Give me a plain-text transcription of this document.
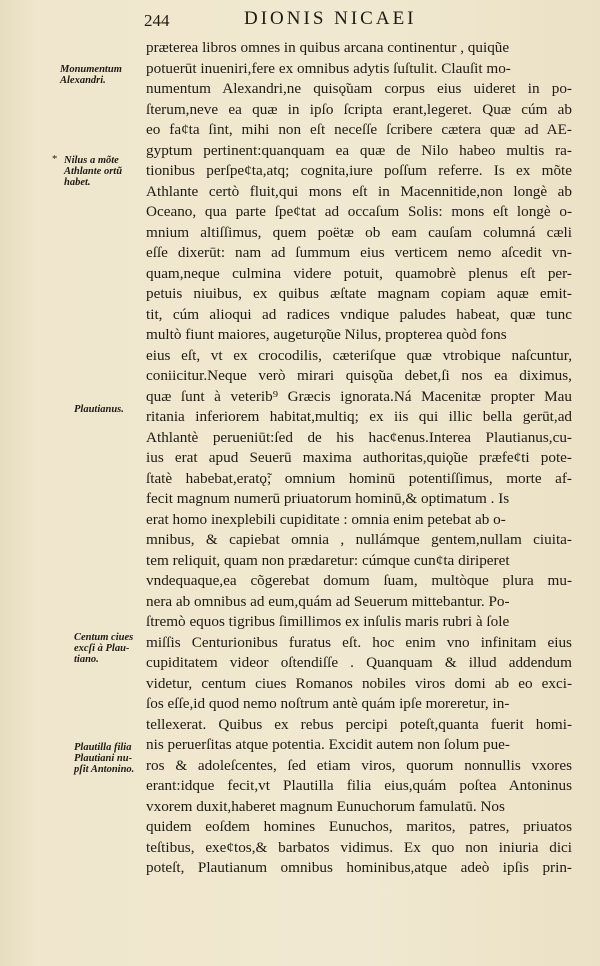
244	DIONIS NICAEI
Monumentum
Alexandri.
* Nilus a mõte
Athlante ortũ
habet.
Plautianus.
Centum ciues
excſi à Plau-
tiano.
Plautilla filia
Plautiani nu-
pſit Antonino.
præterea libros omnes in quibus arcana continentur , quiqũe
potuerūt inueniri,fere ex omnibus adytis ſuſtulit. Clauſit mo-
numentum Alexandri,ne quisǫ̃uam corpus eius uideret in po-
ſterum,neve ea quæ in ipſo ſcripta erant,legeret. Quæ cúm ab
eo fa¢ta ſint, mihi non eſt neceſſe ſcribere cætera quæ ad AE-
gyptum pertinent:quanquam ea quæ de Nilo habeo multis ra-
tionibus perſpe¢ta,atq; cognita,iure poſſum referre. Is ex mõte
Athlante certò fluit,qui mons eſt in Macennitide,non longè ab
Oceano, qua parte ſpe¢tat ad occaſum Solis: mons eſt longè o-
mnium altiſſimus, quem poëtæ ob eam cauſam columná cæli
eſſe dixerūt: nam ad ſummum eius verticem nemo aſcedit vn-
quam,neque culmina videre potuit, quamobrè plenus eſt per-
petuis niuibus, ex quibus æſtate magnam copiam aquæ emit-
tit, cúm alioqui ad radices vndique paludes habeat, quæ tunc
multò fiunt maiores, augeturǫ̃ue Nilus, propterea quòd fons
eius eſt, vt ex crocodilis, cæteriſque quæ vtrobique naſcuntur,
coniicitur.Neque verò mirari quisǫ̃ua debet,ſi nos ea diximus,
quæ ſunt à veterib⁹ Græcis ignorata.Ná Macenitæ propter Mau
ritania inferiorem habitat,multiq; ex iis qui illic bella gerūt,ad
Athlantè perueniūt:ſed de his hac¢enus.Interea Plautianus,cu-
ius erat apud Seuerū maxima authoritas,quiǫ̃ue præfe¢ti pote-
ſtatè habebat,eratǫ̃; omnium hominū potentiſſimus, morte af-
fecit magnum numerū priuatorum hominū,& optimatum . Is
erat homo inexplebili cupiditate : omnia enim petebat ab o-
mnibus, & capiebat omnia , nullámque gentem,nullam ciuita-
tem reliquit, quam non prædaretur: cúmque cun¢ta diriperet
vndequaque,ea cõgerebat domum ſuam, multòque plura mu-
nera ab omnibus ad eum,quám ad Seuerum mittebantur. Po-
ſtremò equos tigribus ſimillimos ex inſulis maris rubri à ſole
miſſis Centurionibus furatus eſt. hoc enim vno infinitam eius
cupiditatem videor oſtendiſſe . Quanquam & illud addendum
videtur, centum ciues Romanos nobiles viros domi ab eo exci-
ſos eſſe,id quod nemo noſtrum antè quám ipſe moreretur, in-
tellexerat. Quibus ex rebus percipi poteſt,quanta fuerit homi-
nis peruerſitas atque potentia. Excidit autem non ſolum pue-
ros & adoleſcentes, ſed etiam viros, quorum nonnullis vxores
erant:idque fecit,vt Plautilla filia eius,quám poſtea Antoninus
vxorem duxit,haberet magnum Eunuchorum famulatū. Nos
quidem eoſdem homines Eunuchos, maritos, patres, priuatos
teſtibus, exe¢tos,& barbatos vidimus. Ex quo non iniuria dici
poteſt, Plautianum omnibus hominibus,atque adeò ipſis prin-
